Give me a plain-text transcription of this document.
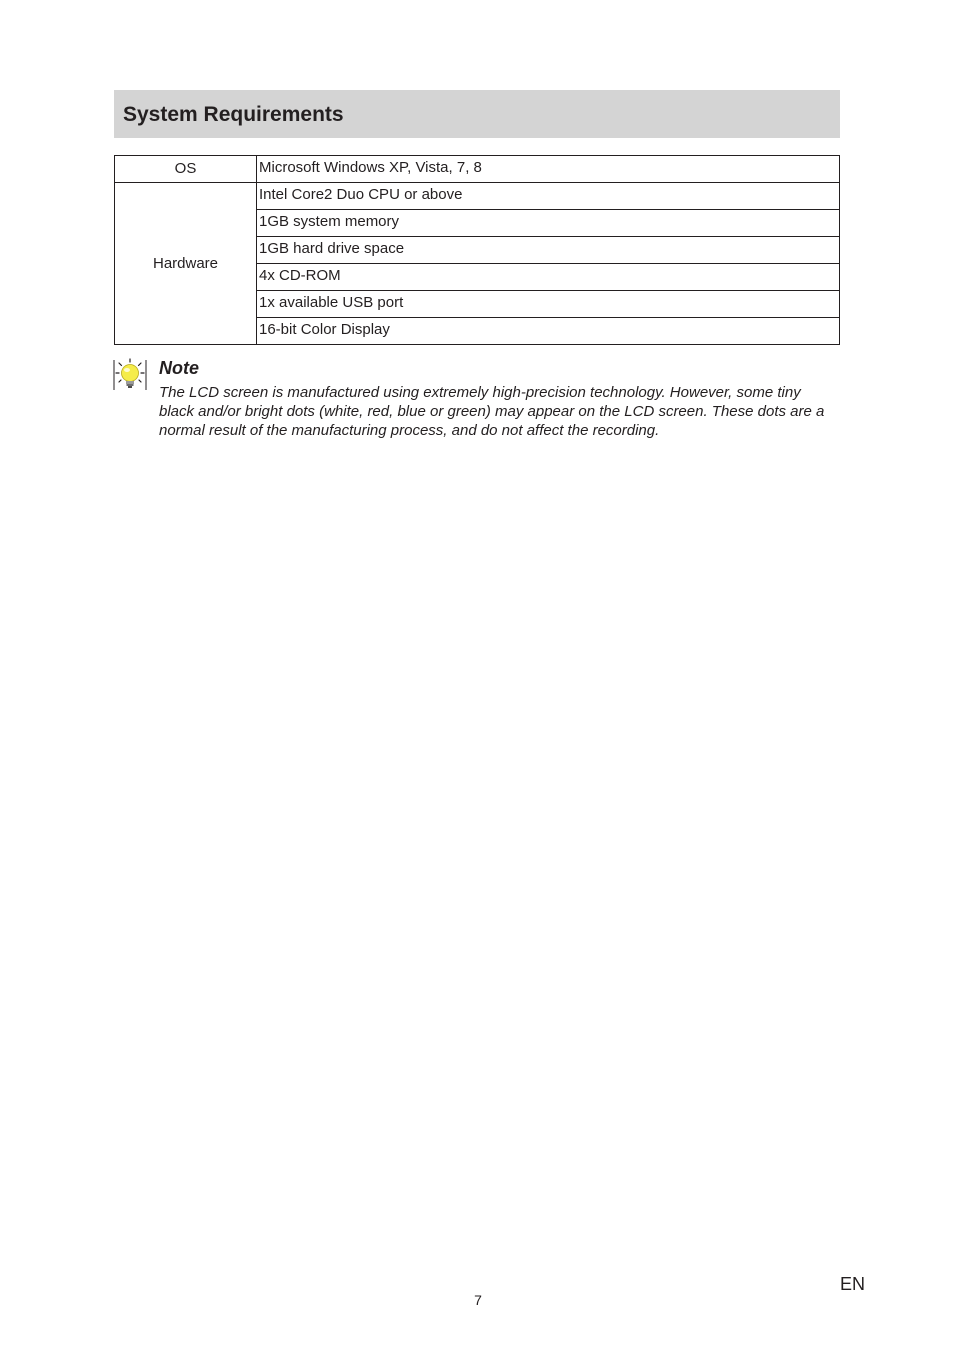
System Requirements
OS	Microsoft Windows XP, Vista, 7, 8
Hardware	Intel Core2 Duo CPU or above
	1GB system memory
	1GB hard drive space
	4x CD-ROM
	1x available USB port
	16-bit Color Display
Note
The LCD screen is manufactured using extremely high-precision technology. However, some tiny black and/or bright dots (white, red, blue or green) may appear on the LCD screen. These dots are a normal result of the manufacturing process, and do not affect the recording.
7
EN
